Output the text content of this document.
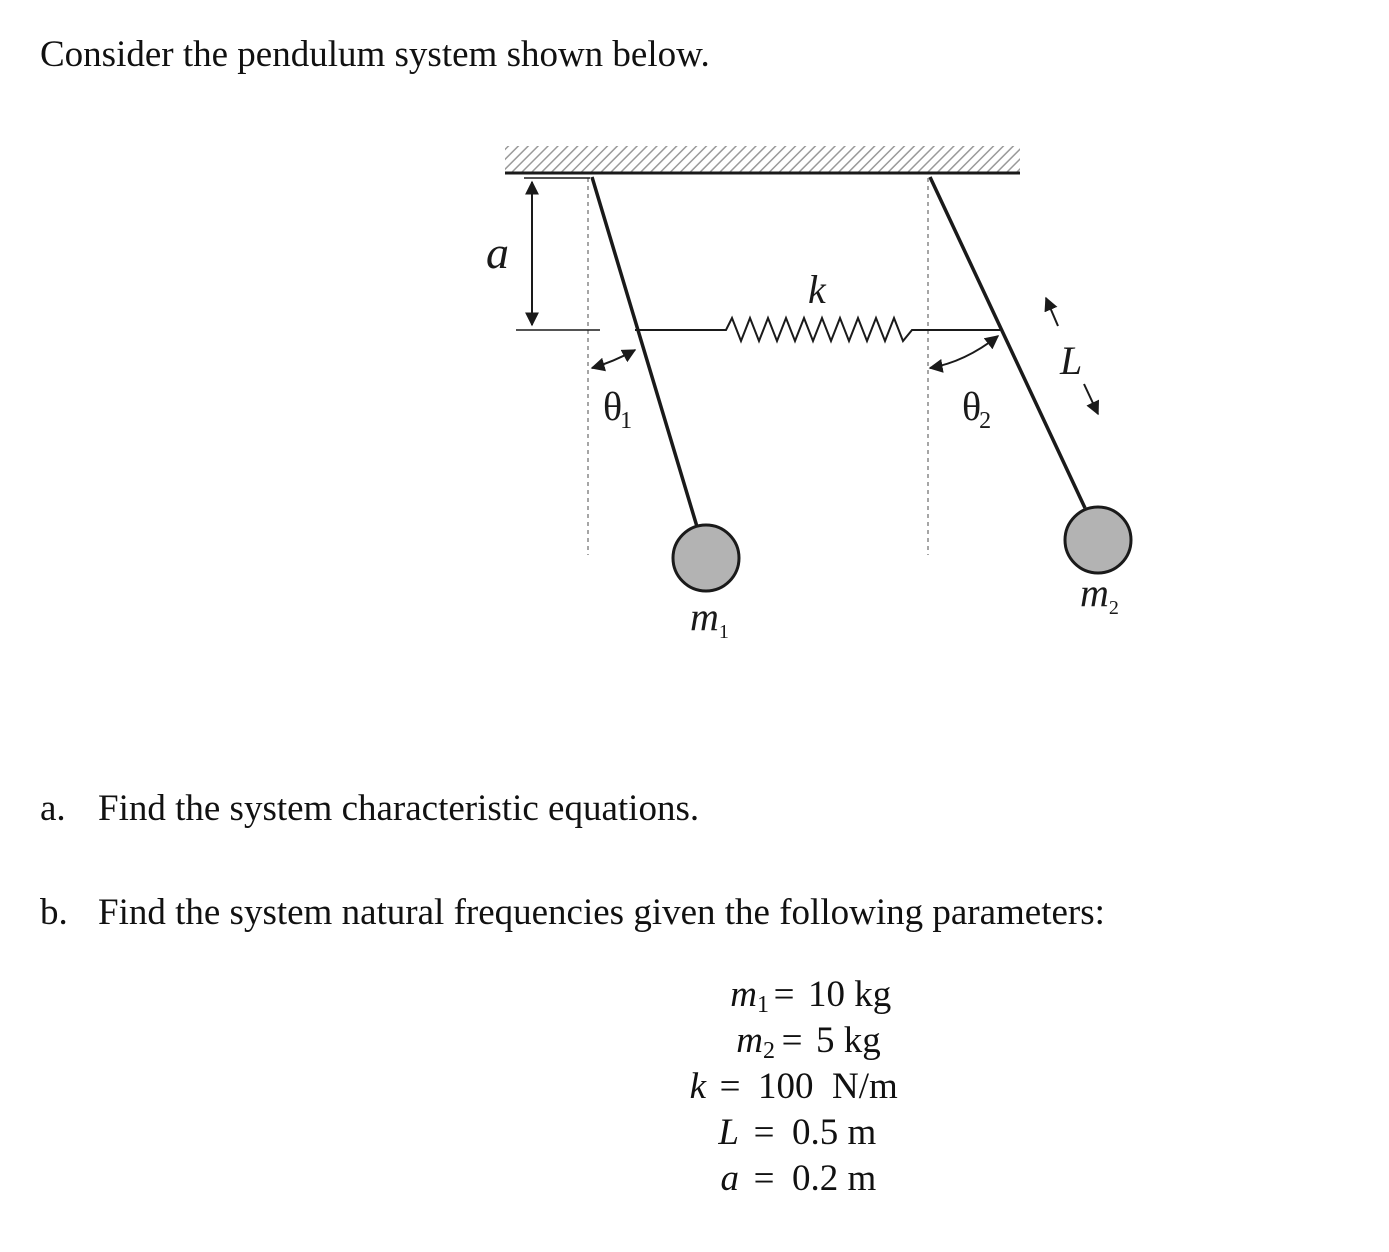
Consider the pendulum system shown below.
a
k
θ1	θ2
L
$m_1$
$m_2$
a. Find the system characteristic equations.
b. Find the system natural frequencies given the following parameters:
$m_1 = 10$ kg
$m_2 = 5$ kg
k = 100  N/m
L = 0.5 m
a = 0.2 m
